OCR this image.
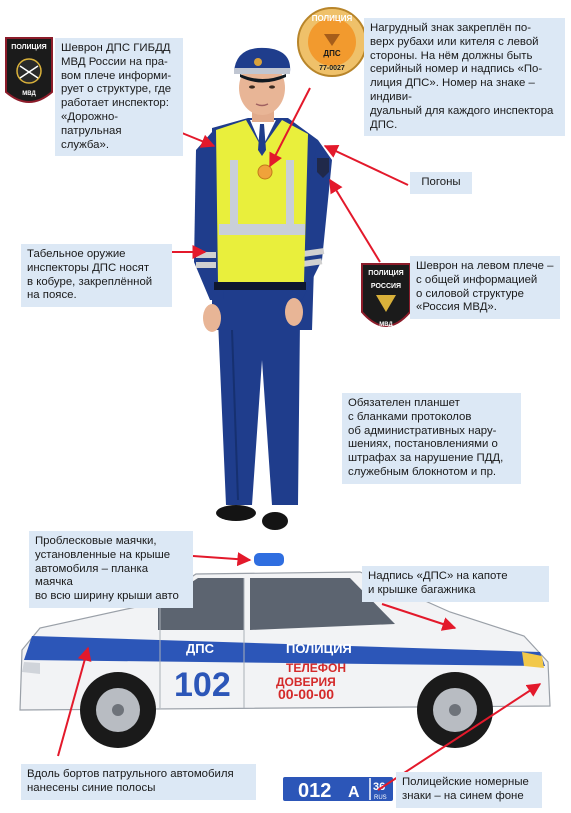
ПОЛИЦИЯ
МВД
ПОЛИЦИЯ
ДПС
77-0027
ПОЛИЦИЯ
РОССИЯ
МВД
ДПС	ПОЛИЦИЯ
102	ТЕЛЕФОН
ДОВЕРИЯ
00-00-00
012 А 36
RUS
Шеврон ДПС ГИБДД
МВД России на пра-
вом плече информи-
рует о структуре, где
работает инспектор:
«Дорожно-патрульная
служба».
Нагрудный знак закреплён по-
верх рубахи или кителя с левой
стороны. На нём должны быть
серийный номер и надпись «По-
лиция ДПС». Номер на знаке – индиви-
дуальный для каждого инспектора ДПС.
Погоны
Табельное оружие
инспекторы ДПС носят
в кобуре, закреплённой
на поясе.
Шеврон на левом плече –
с общей информацией
о силовой структуре
«Россия МВД».
Обязателен планшет
с бланками протоколов
об административных нару-
шениях, постановлениями о
штрафах за нарушение ПДД,
служебным блокнотом и пр.
Проблесковые маячки,
установленные на крыше
автомобиля – планка маячка
во всю ширину крыши авто
Надпись «ДПС» на капоте
и крышке багажника
Вдоль бортов патрульного автомобиля
нанесены синие полосы	Полицейские номерные
знаки – на синем фоне
